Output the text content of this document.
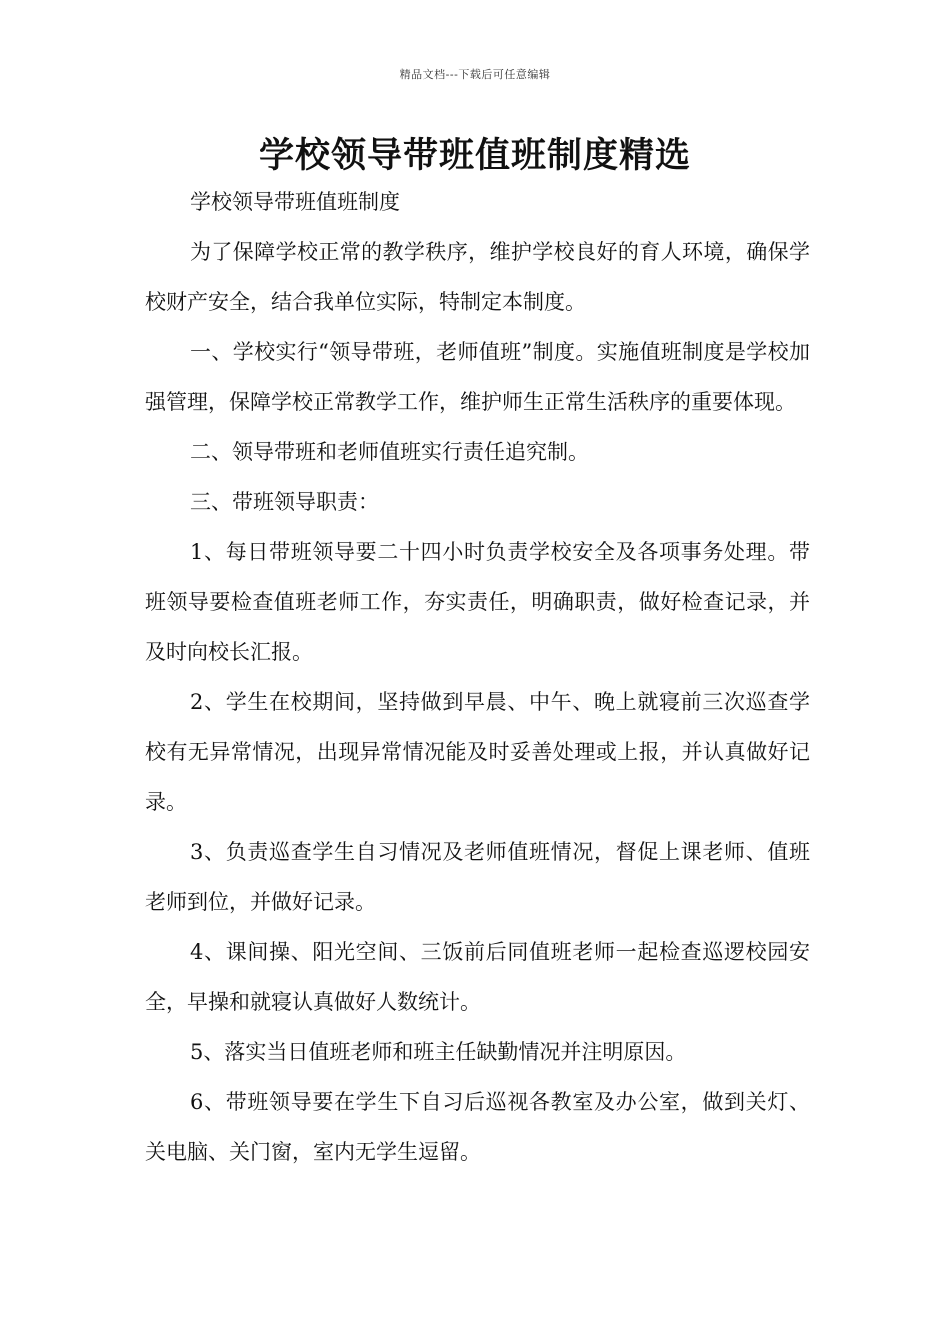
精品文档---下载后可任意编辑
学校领导带班值班制度精选

学校领导带班值班制度

为了保障学校正常的教学秩序，维护学校良好的育人环境，确保学校财产安全，结合我单位实际，特制定本制度。

一、学校实行“领导带班，老师值班”制度。实施值班制度是学校加强管理，保障学校正常教学工作，维护师生正常生活秩序的重要体现。

二、领导带班和老师值班实行责任追究制。

三、带班领导职责：

1、每日带班领导要二十四小时负责学校安全及各项事务处理。带班领导要检查值班老师工作，夯实责任，明确职责，做好检查记录，并及时向校长汇报。

2、学生在校期间，坚持做到早晨、中午、晚上就寝前三次巡查学校有无异常情况，出现异常情况能及时妥善处理或上报，并认真做好记录。

3、负责巡查学生自习情况及老师值班情况，督促上课老师、值班老师到位，并做好记录。

4、课间操、阳光空间、三饭前后同值班老师一起检查巡逻校园安全，早操和就寝认真做好人数统计。

5、落实当日值班老师和班主任缺勤情况并注明原因。

6、带班领导要在学生下自习后巡视各教室及办公室，做到关灯、关电脑、关门窗，室内无学生逗留。
